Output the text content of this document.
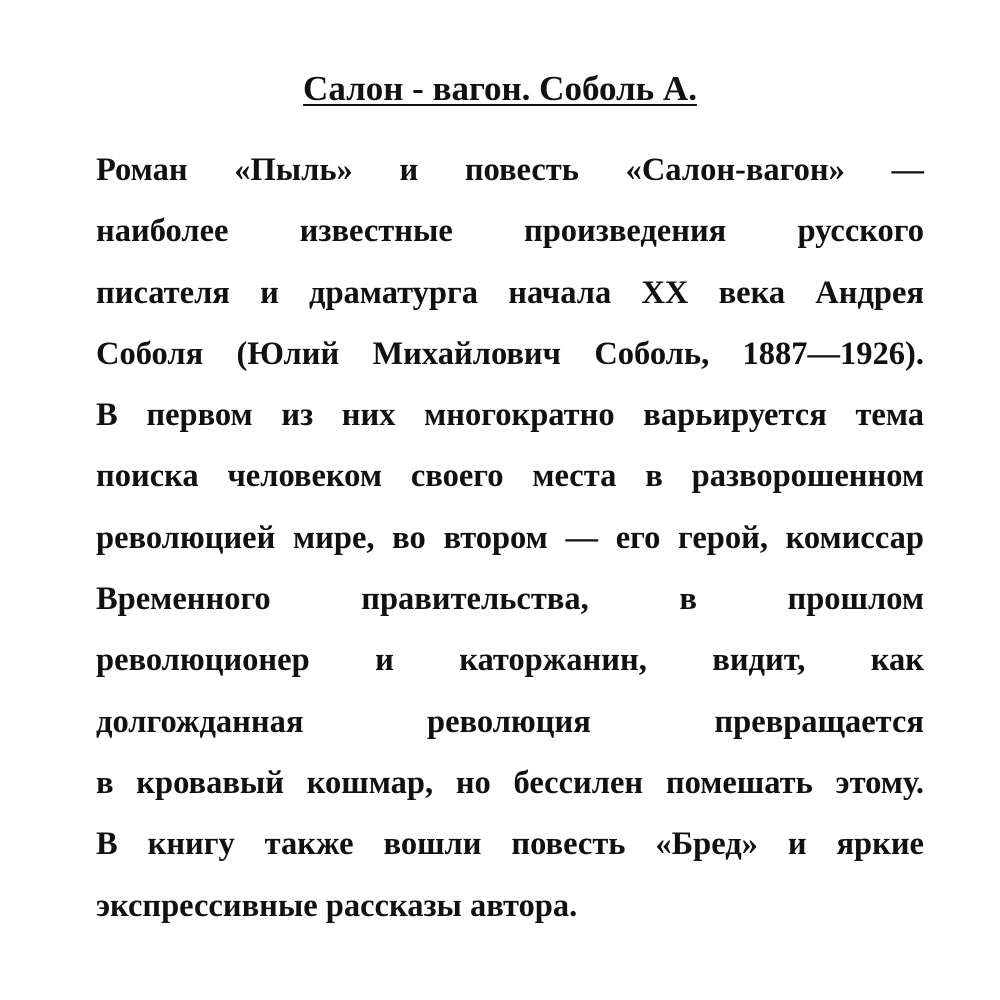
Салон - вагон. Соболь А.
Роман «Пыль» и повесть «Салон-вагон» —
наиболее известные произведения русского
писателя и драматурга начала XX века Андрея
Соболя (Юлий Михайлович Соболь, 1887—1926).
В первом из них многократно варьируется тема
поиска человеком своего места в разворошенном
революцией мире, во втором — его герой, комиссар
Временного правительства, в прошлом
революционер и каторжанин, видит, как
долгожданная революция превращается
в кровавый кошмар, но бессилен помешать этому.
В книгу также вошли повесть «Бред» и яркие
экспрессивные рассказы автора.
